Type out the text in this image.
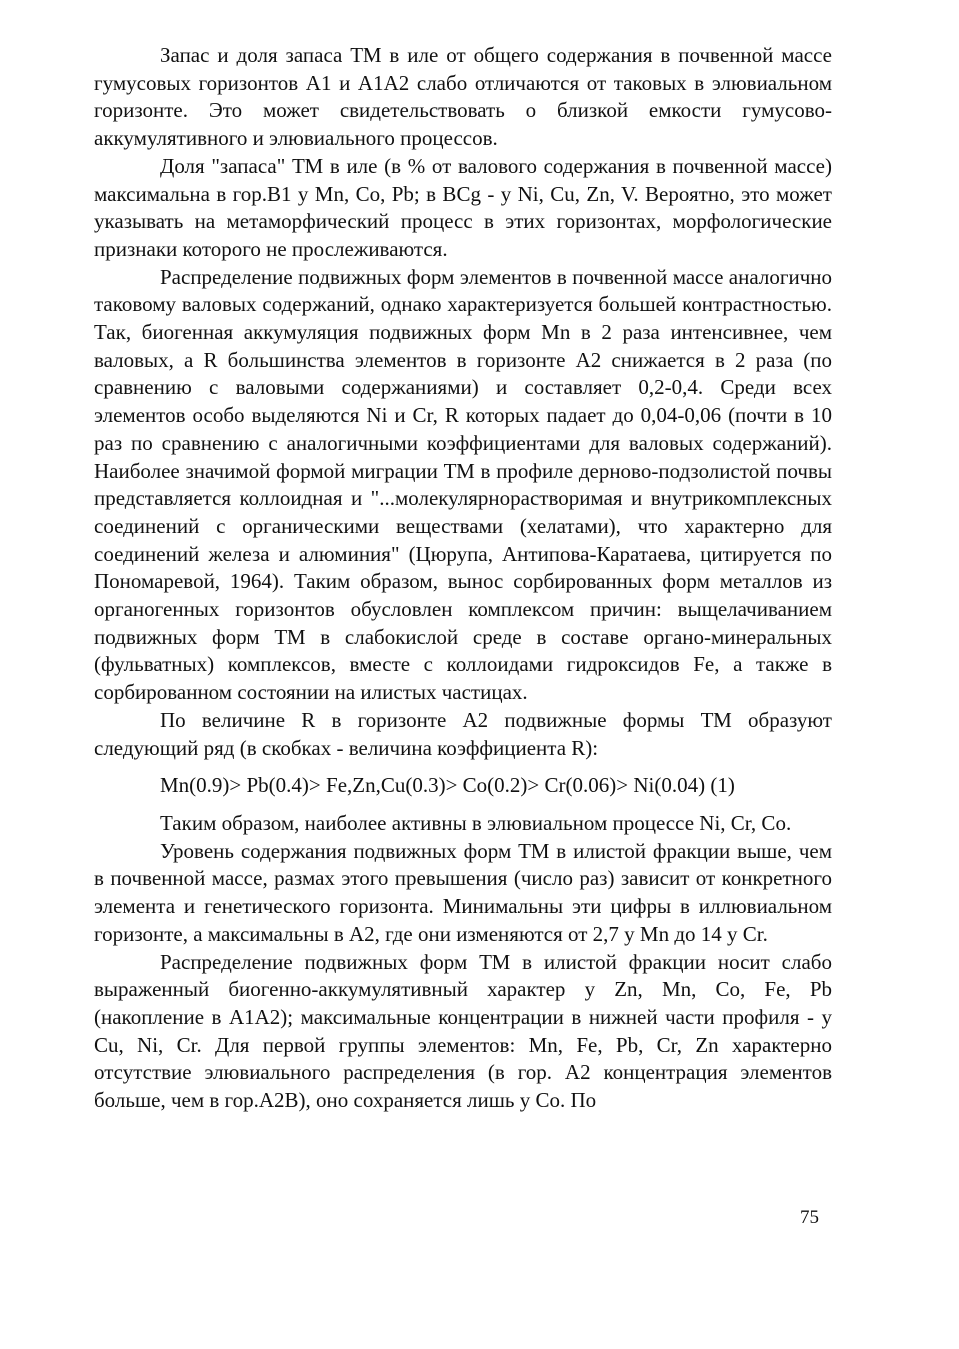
Запас и доля запаса ТМ в иле от общего содержания в почвенной массе гумусовых горизонтов А1 и А1А2 слабо отличаются от таковых в элювиальном горизонте. Это может свидетельствовать о близкой емкости гумусово-аккумулятивного и элювиального процессов.

Доля "запаса" ТМ в иле (в % от валового содержания в почвенной массе) максимальна в гор.В1 у Mn, Co, Pb; в BCg - у Ni, Cu, Zn, V. Вероятно, это может указывать на метаморфический процесс в этих горизонтах, морфологические признаки которого не прослеживаются.

Распределение подвижных форм элементов в почвенной массе аналогично таковому валовых содержаний, однако характеризуется большей контрастностью. Так, биогенная аккумуляция подвижных форм Mn в 2 раза интенсивнее, чем валовых, а R большинства элементов в горизонте А2 снижается в 2 раза (по сравнению с валовыми содержаниями) и составляет 0,2-0,4. Среди всех элементов особо выделяются Ni и Cr, R которых падает до 0,04-0,06 (почти в 10 раз по сравнению с аналогичными коэффициентами для валовых содержаний). Наиболее значимой формой миграции ТМ в профиле дерново-подзолистой почвы представляется коллоидная и "...молекулярнорастворимая и внутрикомплексных соединений с органическими веществами (хелатами), что характерно для соединений железа и алюминия" (Цюрупа, Антипова-Каратаева, цитируется по Пономаревой, 1964). Таким образом, вынос сорбированных форм металлов из органогенных горизонтов обусловлен комплексом причин: выщелачиванием подвижных форм ТМ в слабокислой среде в составе органо-минеральных (фульватных) комплексов, вместе с коллоидами гидроксидов Fe, а также в сорбированном состоянии на илистых частицах.

По величине R в горизонте А2 подвижные формы ТМ образуют следующий ряд (в скобках - величина коэффициента R):

Mn(0.9)> Pb(0.4)> Fe,Zn,Cu(0.3)> Co(0.2)> Cr(0.06)> Ni(0.04) (1)

Таким образом, наиболее активны в элювиальном процессе Ni, Cr, Co.

Уровень содержания подвижных форм ТМ в илистой фракции выше, чем в почвенной массе, размах этого превышения (число раз) зависит от конкретного элемента и генетического горизонта. Минимальны эти цифры в иллювиальном горизонте, а максимальны в А2, где они изменяются от 2,7 у Mn до 14 у Cr.

Распределение подвижных форм ТМ в илистой фракции носит слабо выраженный биогенно-аккумулятивный характер у Zn, Mn, Co, Fe, Pb (накопление в А1А2); максимальные концентрации в нижней части профиля - у Cu, Ni, Cr. Для первой группы элементов: Mn, Fe, Pb, Cr, Zn характерно отсутствие элювиального распределения (в гор. А2 концентрация элементов больше, чем в гор.А2В), оно сохраняется лишь у Со. По

75
